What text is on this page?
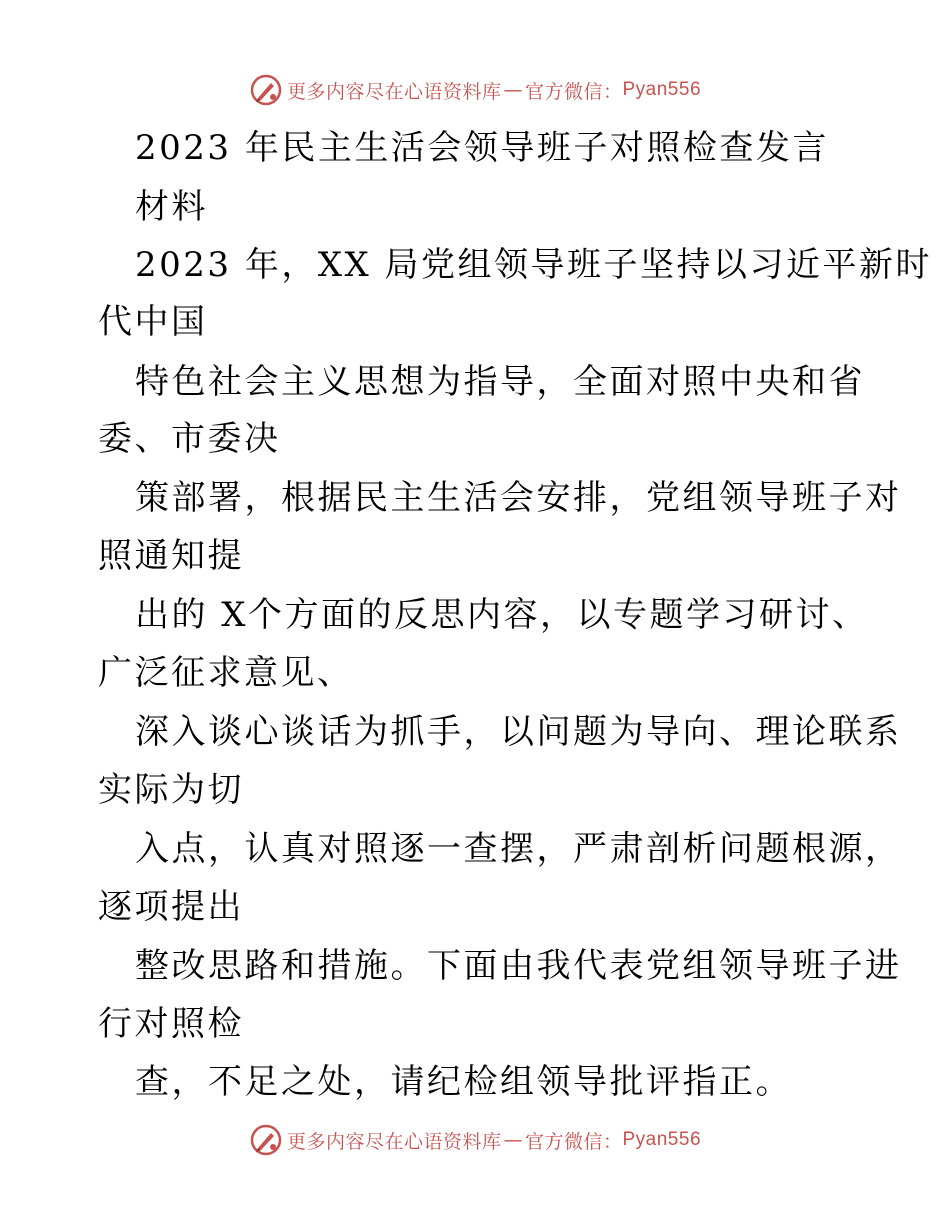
更多内容尽在心语资料库 — 官方微信： Pyan556
2023 年民主生活会领导班子对照检查发言
材料
2023 年，XX 局党组领导班子坚持以习近平新时
代中国
特色社会主义思想为指导，全面对照中央和省
委、市委决
策部署，根据民主生活会安排，党组领导班子对
照通知提
出的 X个方面的反思内容，以专题学习研讨、
广泛征求意见、
深入谈心谈话为抓手，以问题为导向、理论联系
实际为切
入点，认真对照逐一查摆，严肃剖析问题根源，
逐项提出
整改思路和措施。下面由我代表党组领导班子进
行对照检
查，不足之处，请纪检组领导批评指正。
更多内容尽在心语资料库 — 官方微信： Pyan556
